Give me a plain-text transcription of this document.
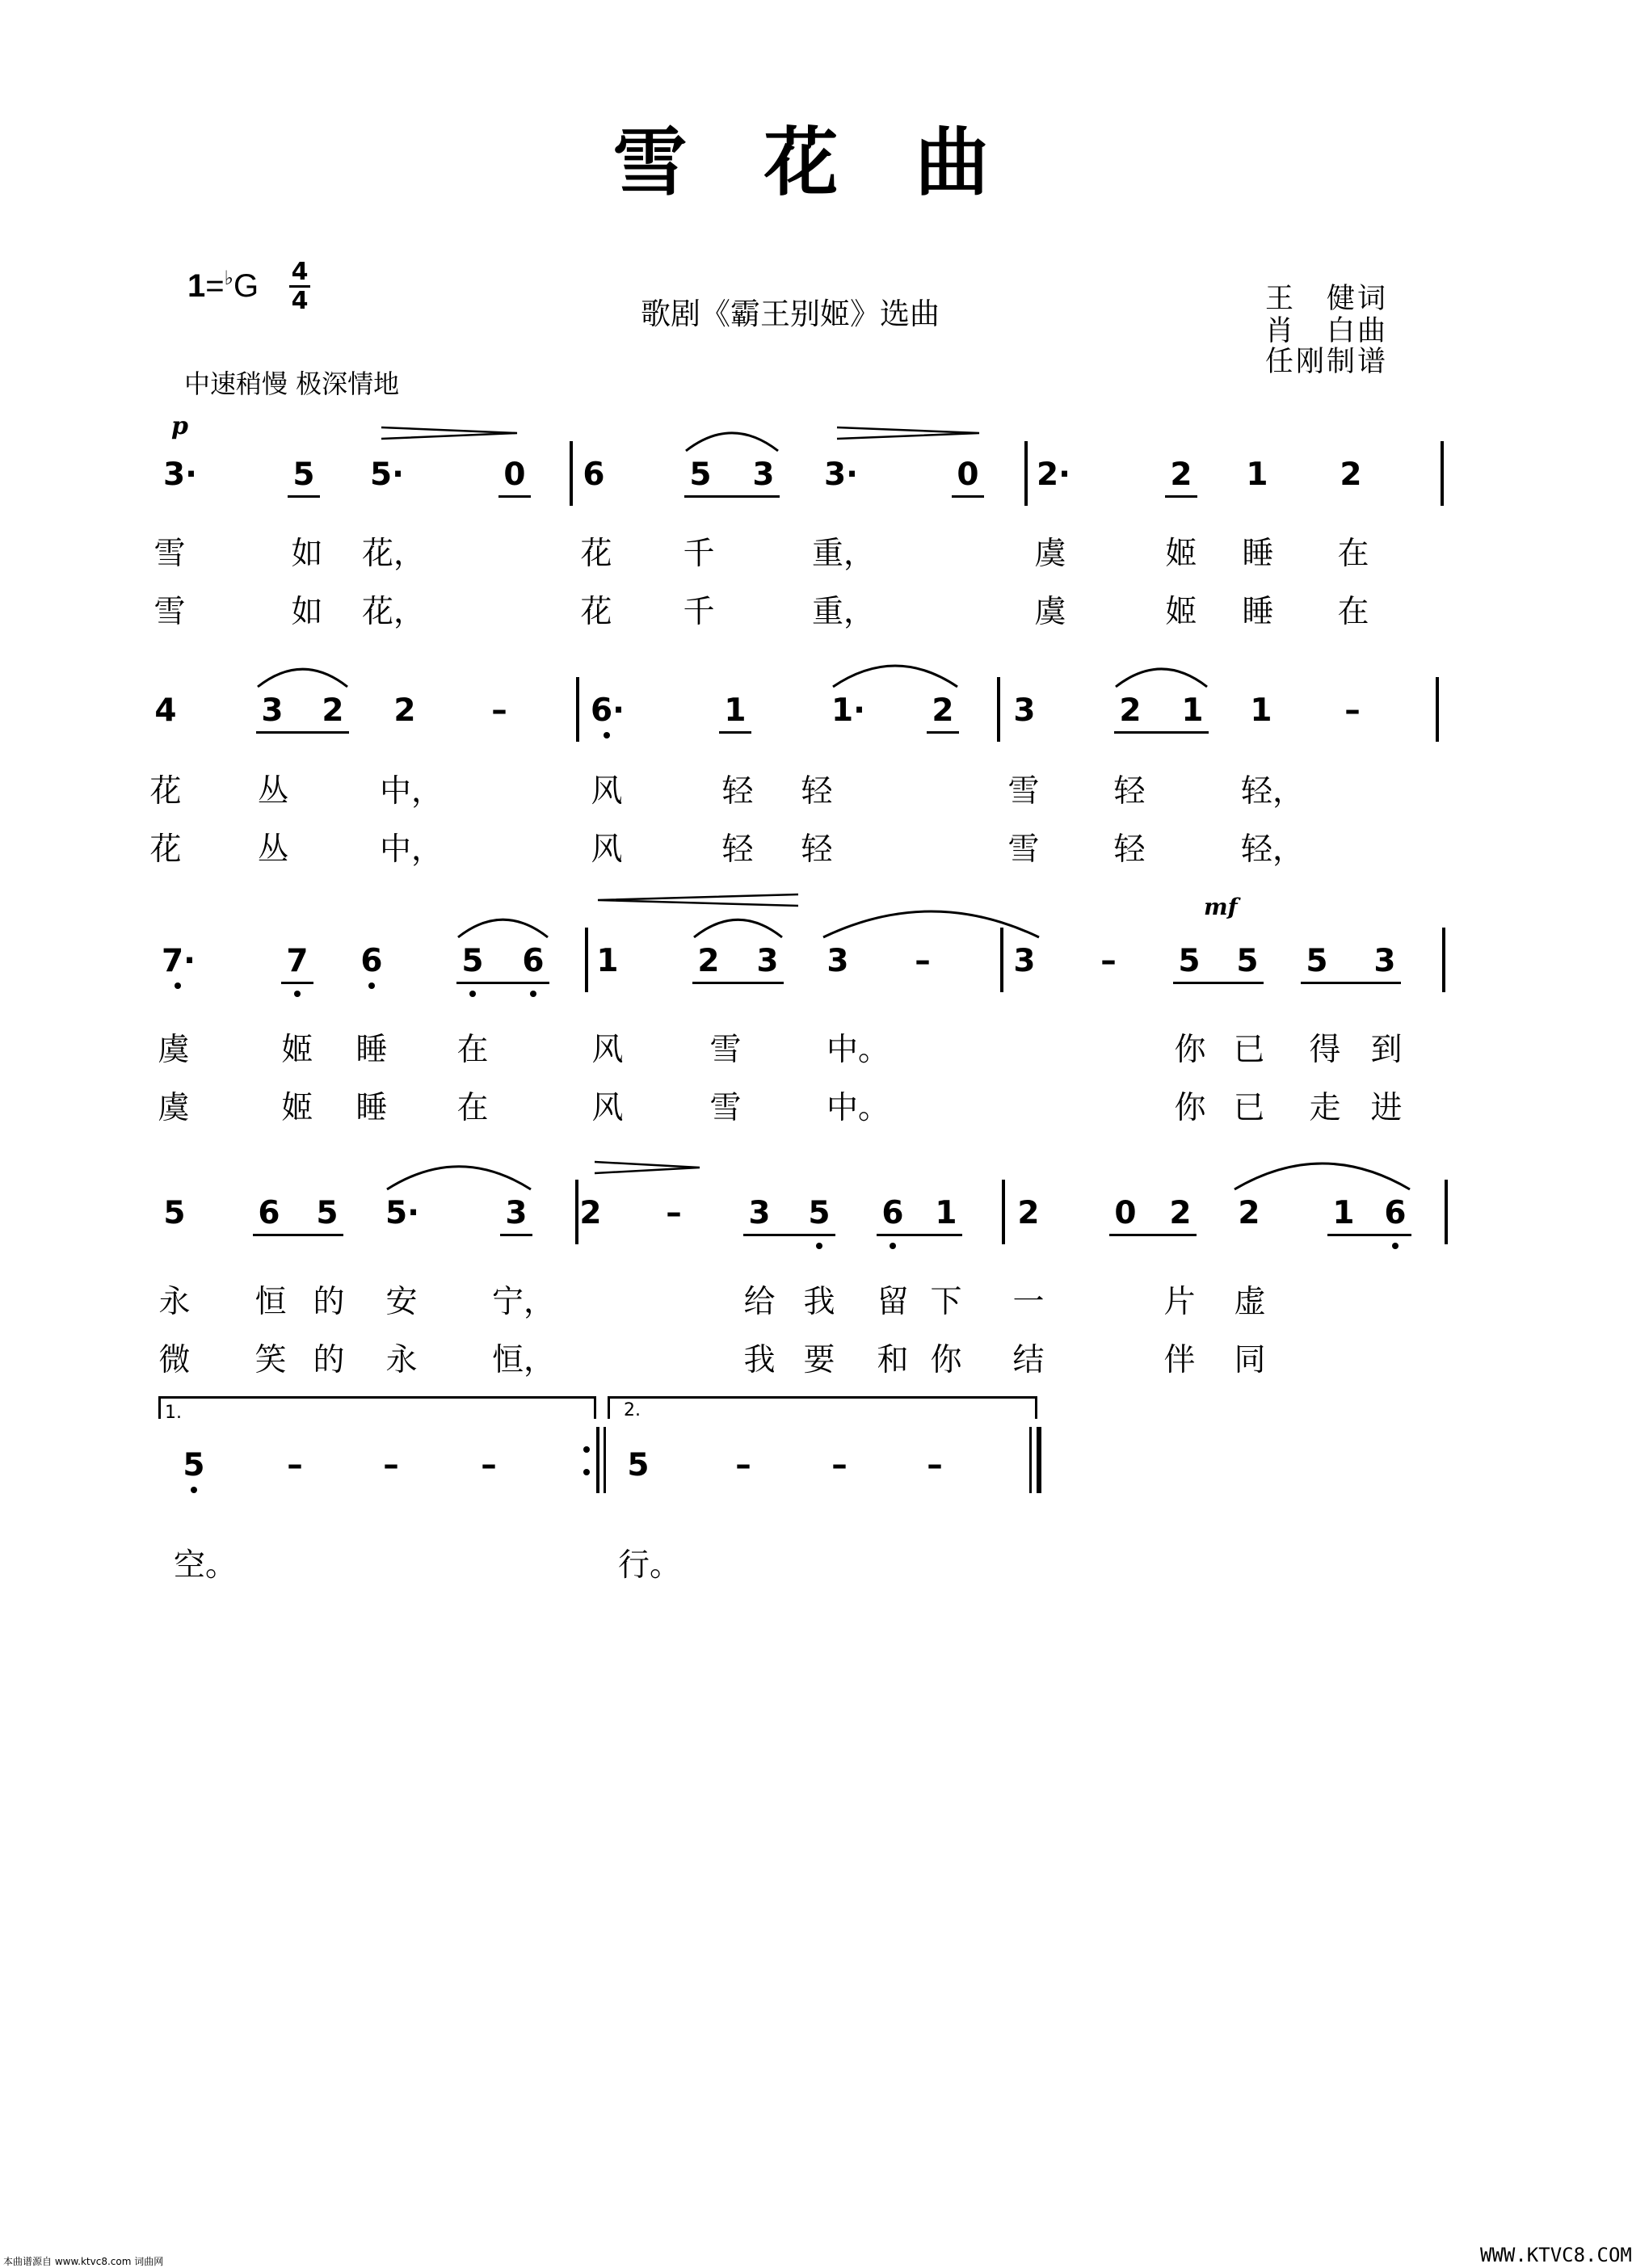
雪花曲
1=♭G 4
4	歌剧《霸王别姬》选曲	王　健词
肖　白曲
任刚制谱
中速稍慢 极深情地
p
mf
3·	5 5·	0 6	5 3 3·	0 2·	2 1 2
雪	如 花，	花 千	重，	虞	姬 睡 在
雪	如 花，	花 千	重，	虞	姬 睡 在
4	3 2 2 –	6·	1	1· 2 3	2 1 1 –
花 丛	中，	风	轻 轻	雪 轻	轻，
花 丛	中，	风	轻 轻	雪 轻	轻，
7·	7 6	5 6 1	2 3 3 –	3 – 5 5 5 3
虞	姬 睡 在	风	雪	中。	你 已 得 到
虞	姬 睡 在	风	雪	中。	你 已 走 进
5 6 5 5·	3 2 – 3 5 6 1 2 0 2 2 1 6
永 恒 的 安 宁，	给 我 留 下 一	片 虚
微 笑 的 永 恒，	我 要 和 你 结	伴 同
5	–	–	–	5	–	–	–
空。	行。
1.	2.
本曲谱源自 www.ktvc8.com 词曲网	WWW.KTVC8.COM
